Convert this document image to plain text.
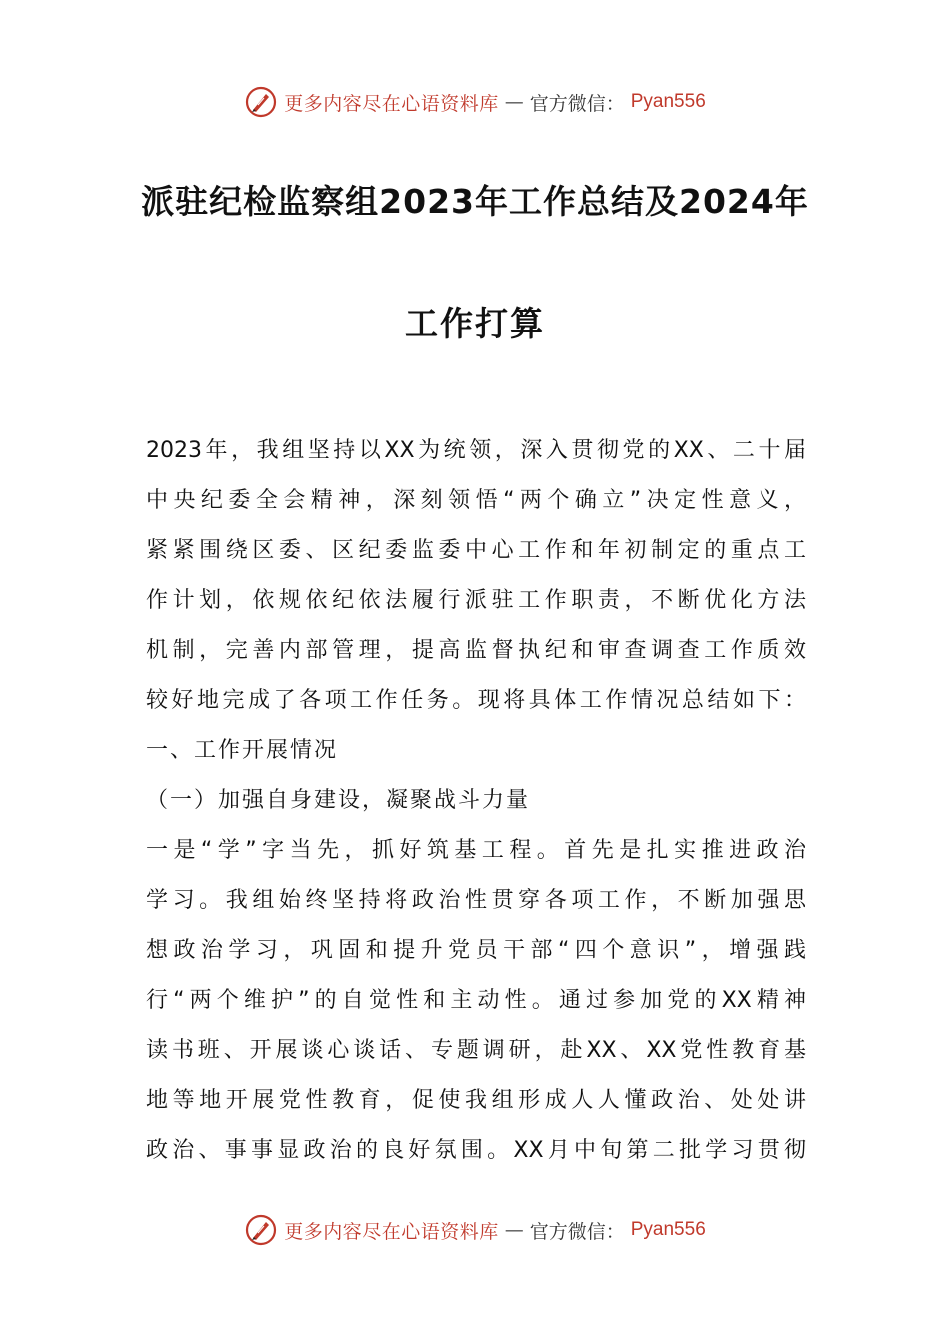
更多内容尽在心语资料库 — 官方微信： Pyan556
派驻纪检监察组2023年工作总结及2024年
工作打算
2023年，我组坚持以XX为统领，深入贯彻党的XX、二十届
中央纪委全会精神，深刻领悟“两个确立”决定性意义，
紧紧围绕区委、区纪委监委中心工作和年初制定的重点工
作计划，依规依纪依法履行派驻工作职责，不断优化方法
机制，完善内部管理，提高监督执纪和审查调查工作质效
较好地完成了各项工作任务。现将具体工作情况总结如下：
一、工作开展情况
（一）加强自身建设，凝聚战斗力量
一是“学”字当先，抓好筑基工程。首先是扎实推进政治
学习。我组始终坚持将政治性贯穿各项工作，不断加强思
想政治学习，巩固和提升党员干部“四个意识”，增强践
行“两个维护”的自觉性和主动性。通过参加党的XX精神
读书班、开展谈心谈话、专题调研，赴XX、XX党性教育基
地等地开展党性教育，促使我组形成人人懂政治、处处讲
政治、事事显政治的良好氛围。XX月中旬第二批学习贯彻
更多内容尽在心语资料库 — 官方微信： Pyan556
